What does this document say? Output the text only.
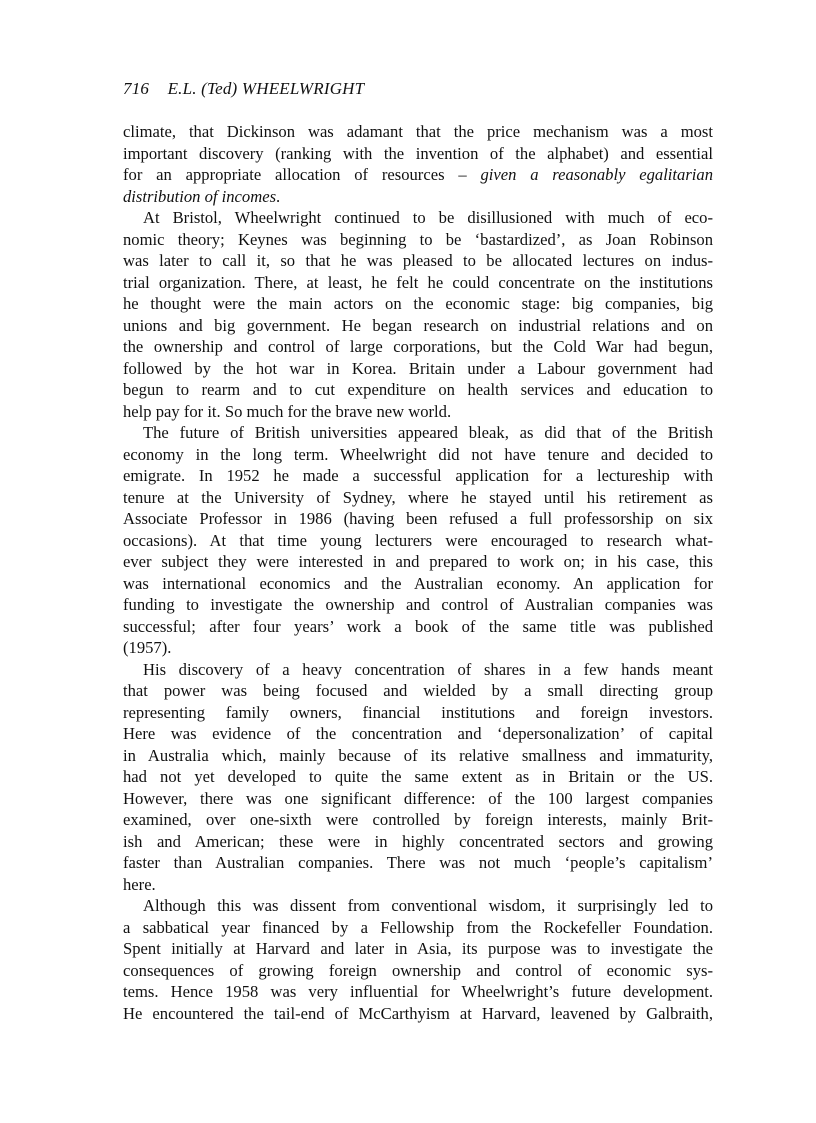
716 E.L. (Ted) WHEELWRIGHT
climate, that Dickinson was adamant that the price mechanism was a most
important discovery (ranking with the invention of the alphabet) and essential
for an appropriate allocation of resources – given a reasonably egalitarian
distribution of incomes.
At Bristol, Wheelwright continued to be disillusioned with much of eco-
nomic theory; Keynes was beginning to be ‘bastardized’, as Joan Robinson
was later to call it, so that he was pleased to be allocated lectures on indus-
trial organization. There, at least, he felt he could concentrate on the institutions
he thought were the main actors on the economic stage: big companies, big
unions and big government. He began research on industrial relations and on
the ownership and control of large corporations, but the Cold War had begun,
followed by the hot war in Korea. Britain under a Labour government had
begun to rearm and to cut expenditure on health services and education to
help pay for it. So much for the brave new world.
The future of British universities appeared bleak, as did that of the British
economy in the long term. Wheelwright did not have tenure and decided to
emigrate. In 1952 he made a successful application for a lectureship with
tenure at the University of Sydney, where he stayed until his retirement as
Associate Professor in 1986 (having been refused a full professorship on six
occasions). At that time young lecturers were encouraged to research what-
ever subject they were interested in and prepared to work on; in his case, this
was international economics and the Australian economy. An application for
funding to investigate the ownership and control of Australian companies was
successful; after four years’ work a book of the same title was published
(1957).
His discovery of a heavy concentration of shares in a few hands meant
that power was being focused and wielded by a small directing group
representing family owners, financial institutions and foreign investors.
Here was evidence of the concentration and ‘depersonalization’ of capital
in Australia which, mainly because of its relative smallness and immaturity,
had not yet developed to quite the same extent as in Britain or the US.
However, there was one significant difference: of the 100 largest companies
examined, over one-sixth were controlled by foreign interests, mainly Brit-
ish and American; these were in highly concentrated sectors and growing
faster than Australian companies. There was not much ‘people’s capitalism’
here.
Although this was dissent from conventional wisdom, it surprisingly led to
a sabbatical year financed by a Fellowship from the Rockefeller Foundation.
Spent initially at Harvard and later in Asia, its purpose was to investigate the
consequences of growing foreign ownership and control of economic sys-
tems. Hence 1958 was very influential for Wheelwright’s future development.
He encountered the tail-end of McCarthyism at Harvard, leavened by Galbraith,
